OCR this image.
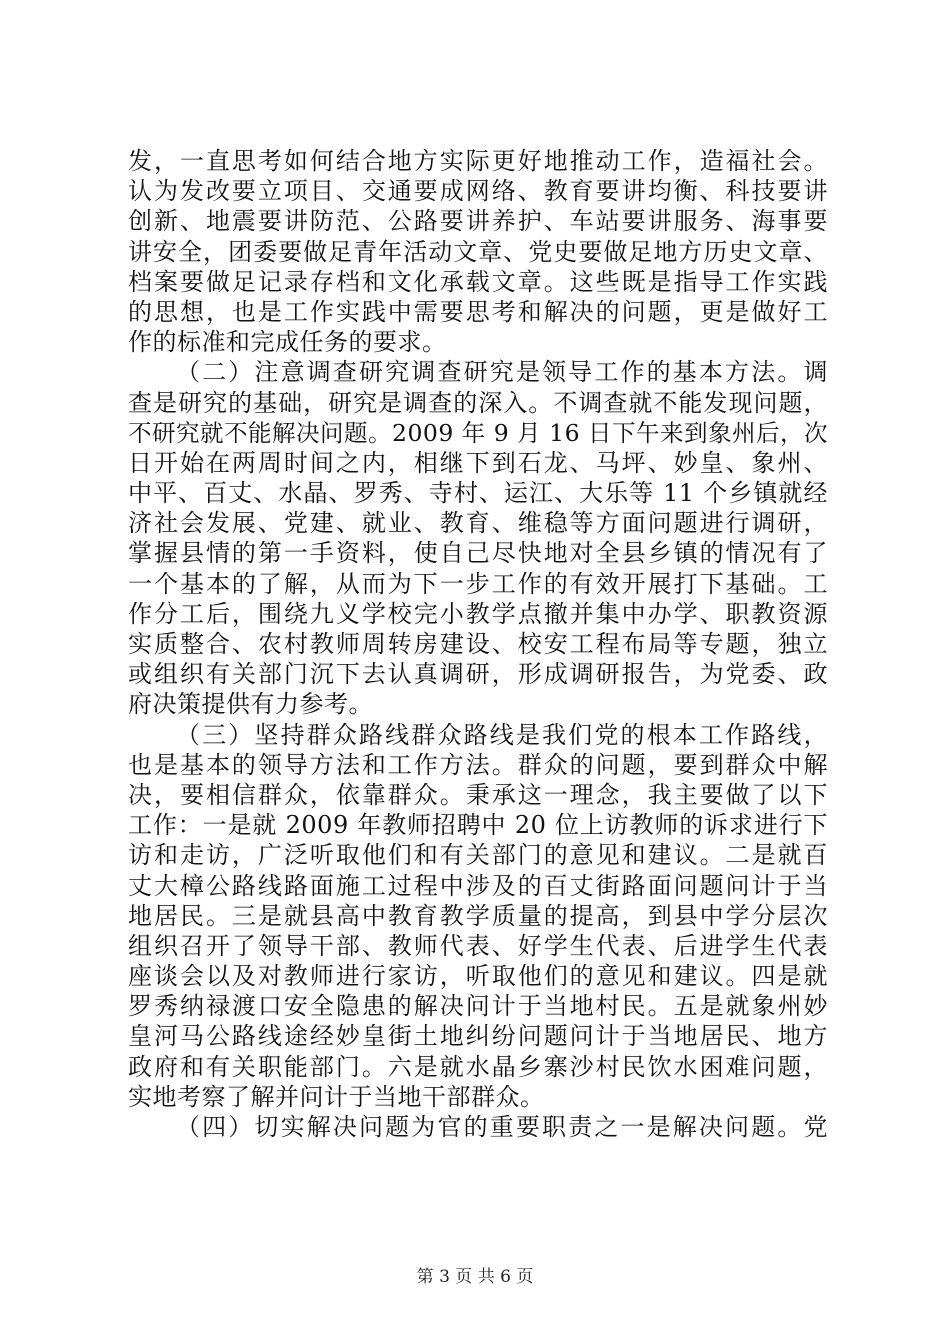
发，一直思考如何结合地方实际更好地推动工作，造福社会。
认为发改要立项目、交通要成网络、教育要讲均衡、科技要讲
创新、地震要讲防范、公路要讲养护、车站要讲服务、海事要
讲安全，团委要做足青年活动文章、党史要做足地方历史文章、
档案要做足记录存档和文化承载文章。这些既是指导工作实践
的思想，也是工作实践中需要思考和解决的问题，更是做好工
作的标准和完成任务的要求。
（二）注意调查研究调查研究是领导工作的基本方法。调
查是研究的基础，研究是调查的深入。不调查就不能发现问题，
不研究就不能解决问题。2009 年 9 月 16 日下午来到象州后，次
日开始在两周时间之内，相继下到石龙、马坪、妙皇、象州、
中平、百丈、水晶、罗秀、寺村、运江、大乐等 11 个乡镇就经
济社会发展、党建、就业、教育、维稳等方面问题进行调研，
掌握县情的第一手资料，使自己尽快地对全县乡镇的情况有了
一个基本的了解，从而为下一步工作的有效开展打下基础。工
作分工后，围绕九义学校完小教学点撤并集中办学、职教资源
实质整合、农村教师周转房建设、校安工程布局等专题，独立
或组织有关部门沉下去认真调研，形成调研报告，为党委、政
府决策提供有力参考。
（三）坚持群众路线群众路线是我们党的根本工作路线，
也是基本的领导方法和工作方法。群众的问题，要到群众中解
决，要相信群众，依靠群众。秉承这一理念，我主要做了以下
工作：一是就 2009 年教师招聘中 20 位上访教师的诉求进行下
访和走访，广泛听取他们和有关部门的意见和建议。二是就百
丈大樟公路线路面施工过程中涉及的百丈街路面问题问计于当
地居民。三是就县高中教育教学质量的提高，到县中学分层次
组织召开了领导干部、教师代表、好学生代表、后进学生代表
座谈会以及对教师进行家访，听取他们的意见和建议。四是就
罗秀纳禄渡口安全隐患的解决问计于当地村民。五是就象州妙
皇河马公路线途经妙皇街土地纠纷问题问计于当地居民、地方
政府和有关职能部门。六是就水晶乡寨沙村民饮水困难问题，
实地考察了解并问计于当地干部群众。
（四）切实解决问题为官的重要职责之一是解决问题。党
第 3 页 共 6 页
